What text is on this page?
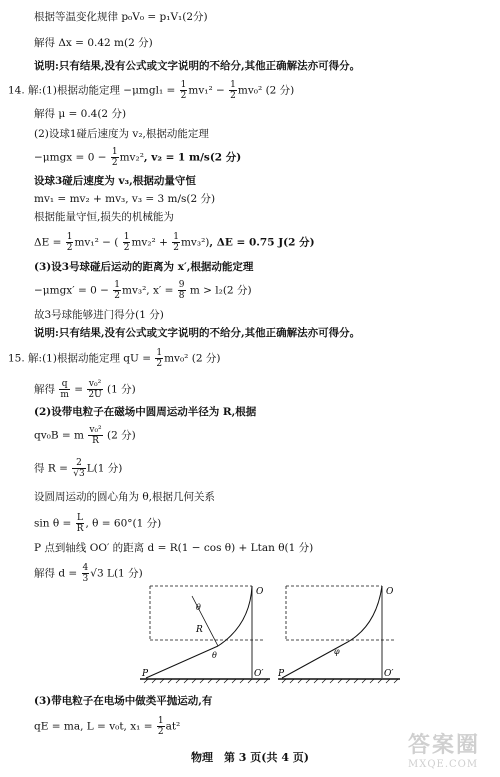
根据等温变化规律 p₀V₀ = p₁V₁(2分)
解得 Δx = 0.42 m(2 分)
说明:只有结果,没有公式或文字说明的不给分,其他正确解法亦可得分。
14. 解:(1)根据动能定理 $-\mu mgl_1 = \frac{1}{2} mv_1^2 - \frac{1}{2} mv_0^2$ (2 分)
解得 μ = 0.4(2 分)
(2)设球1碰后速度为 v₂,根据动能定理
$-\mu mgx = 0 - \frac{1}{2} mv_2^2$, v₂ = 1 m/s(2 分)
设球3碰后速度为 v₃,根据动量守恒
mv₁ = mv₂ + mv₃, v₃ = 3 m/s(2 分)
根据能量守恒,损失的机械能为
$\Delta E = \frac{1}{2} mv_1^2$ − ( $\frac{1}{2} mv_2^2 + \frac{1}{2} mv_3^2$), ΔE = 0.75 J(2 分)
(3)设3号球碰后运动的距离为 x′,根据动能定理
$-\mu mgx' = 0 - \frac{1}{2} mv_3^2$, $x' = \frac{9}{8}$ m > l₂(2 分)
故3号球能够进门得分(1 分)
说明:只有结果,没有公式或文字说明的不给分,其他正确解法亦可得分。
15. 解:(1)根据动能定理 qU = $\frac{1}{2} mv_0^2$ (2 分)
解得 $\frac{q}{m} = \frac{\text{v₀²}}{2U} (1$ 分)
(2)设带电粒子在磁场中圆周运动半径为 R,根据
qv₀B = m $\frac{\text{v₀²}}{R} (2$ 分)
得 $R = \frac{2}{√3} L(1$ 分)
设圆周运动的圆心角为 θ,根据几何关系
$\sin \theta = \frac{L}{R}$ , θ = 60°(1 分)
P 点到轴线 OO′ 的距离 d = R(1 − cos θ) + Ltan θ(1 分)
解得 $d = \frac{4}{3} √3$ L(1 分)
θ
R
θ
O
O′
P
φ
O
O′
P
(3)带电粒子在电场中做类平抛运动,有
qE = ma, L = v₀t, $x_1 = \frac{1}{2} at^2$
物理　第 3 页(共 4 页)	答案圈
MXQE.COM
